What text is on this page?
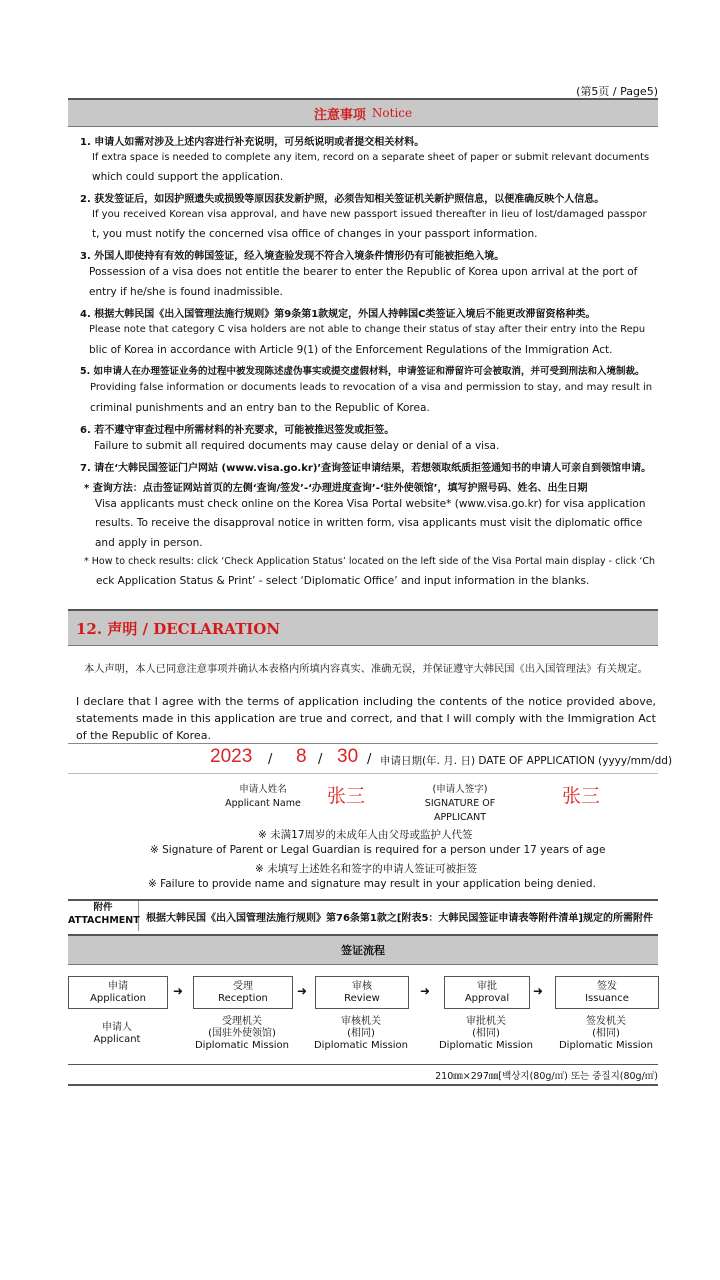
(第5页 / Page5)
注意事项 Notice
1. 申请人如需对涉及上述内容进行补充说明，可另纸说明或者提交相关材料。
If extra space is needed to complete any item, record on a separate sheet of paper or submit relevant documents
which could support the application.
2. 获发签证后，如因护照遗失或损毁等原因获发新护照，必须告知相关签证机关新护照信息，以便准确反映个人信息。
If you received Korean visa approval, and have new passport issued thereafter in lieu of lost/damaged passpor
t, you must notify the concerned visa office of changes in your passport information.
3. 外国人即使持有有效的韩国签证，经入境查验发现不符合入境条件情形仍有可能被拒绝入境。
Possession of a visa does not entitle the bearer to enter the Republic of Korea upon arrival at the port of
entry if he/she is found inadmissible.
4. 根据大韩民国《出入国管理法施行规则》第9条第1款规定，外国人持韩国C类签证入境后不能更改滞留资格种类。
Please note that category C visa holders are not able to change their status of stay after their entry into the Repu
blic of Korea in accordance with Article 9(1) of the Enforcement Regulations of the Immigration Act.
5. 如申请人在办理签证业务的过程中被发现陈述虚伪事实或提交虚假材料，申请签证和滞留许可会被取消，并可受到刑法和入境制裁。
Providing false information or documents leads to revocation of a visa and permission to stay, and may result in
criminal punishments and an entry ban to the Republic of Korea.
6. 若不遵守审查过程中所需材料的补充要求，可能被推迟签发或拒签。
Failure to submit all required documents may cause delay or denial of a visa.
7. 请在‘大韩民国签证门户网站 (www.visa.go.kr)’查询签证申请结果，若想领取纸质拒签通知书的申请人可亲自到领馆申请。
* 查询方法：点击签证网站首页的左侧‘查询/签发’-‘办理进度查询’-‘驻外使领馆’，填写护照号码、姓名、出生日期
Visa applicants must check online on the Korea Visa Portal website* (www.visa.go.kr) for visa application
results. To receive the disapproval notice in written form, visa applicants must visit the diplomatic office
and apply in person.
* How to check results: click ‘Check Application Status’ located on the left side of the Visa Portal main display - click ‘Ch
eck Application Status & Print’ - select ‘Diplomatic Office’ and input information in the blanks.
12. 声明 / DECLARATION
本人声明，本人已同意注意事项并确认本表格内所填内容真实、准确无误，并保证遵守大韩民国《出入国管理法》有关规定。
I declare that I agree with the terms of application including the contents of the notice provided above, statements made in this application are true and correct, and that I will comply with the Immigration Act of the Republic of Korea.
2023 / 8 / 30 / 申请日期(年. 月. 日) DATE OF APPLICATION (yyyy/mm/dd)
申请人姓名
Applicant Name	张三	(申请人签字)
SIGNATURE OF APPLICANT
张三
※ 未满17周岁的未成年人由父母或监护人代签
※ Signature of Parent or Legal Guardian is required for a person under 17 years of age
※ 未填写上述姓名和签字的申请人签证可被拒签
※ Failure to provide name and signature may result in your application being denied.
附件
ATTACHMENT 根据大韩民国《出入国管理法施行规则》第76条第1款之[附表5：大韩民国签证申请表等附件清单]规定的所需附件
签证流程
申请
Application ➜	受理
Reception ➜	审核
Review	➜	审批
Approval ➜	签发
Issuance
申请人
Applicant
受理机关
(国驻外使领馆)
Diplomatic Mission
审核机关
(相同)
Diplomatic Mission
审批机关
(相同)
Diplomatic Mission
签发机关
(相同)
Diplomatic Mission
210㎜×297㎜[백상지(80g/㎡) 또는 중질지(80g/㎡)
